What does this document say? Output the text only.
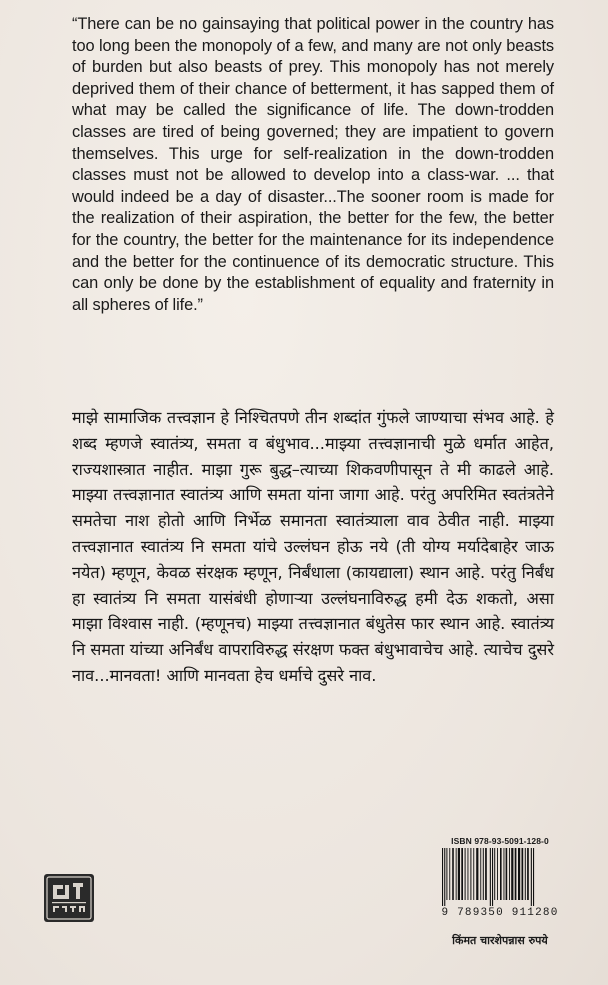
“There can be no gainsaying that political power in the country has too long been the monopoly of a few, and many are not only beasts of burden but also beasts of prey. This monopoly has not merely deprived them of their chance of betterment, it has sapped them of what may be called the significance of life. The down-trodden classes are tired of being governed; they are impatient to govern themselves. This urge for self-realization in the down-trodden classes must not be allowed to develop into a class-war. ... that would indeed be a day of disaster...The sooner room is made for the realization of their aspiration, the better for the few, the better for the country, the better for the maintenance for its independence and the better for the continuence of its democratic structure. This can only be done by the establishment of equality and fraternity in all spheres of life.”

माझे सामाजिक तत्त्वज्ञान हे निश्चितपणे तीन शब्दांत गुंफले जाण्याचा संभव आहे. हे शब्द म्हणजे स्वातंत्र्य, समता व बंधुभाव...माझ्या तत्त्वज्ञानाची मुळे धर्मात आहेत, राज्यशास्त्रात नाहीत. माझा गुरू बुद्ध–त्याच्या शिकवणीपासून ते मी काढले आहे. माझ्या तत्त्वज्ञानात स्वातंत्र्य आणि समता यांना जागा आहे. परंतु अपरिमित स्वतंत्रतेने समतेचा नाश होतो आणि निर्भेळ समानता स्वातंत्र्याला वाव ठेवीत नाही. माझ्या तत्त्वज्ञानात स्वातंत्र्य नि समता यांचे उल्लंघन होऊ नये (ती योग्य मर्यादेबाहेर जाऊ नयेत) म्हणून, केवळ संरक्षक म्हणून, निर्बंधाला (कायद्याला) स्थान आहे. परंतु निर्बंध हा स्वातंत्र्य नि समता यासंबंधी होणाऱ्या उल्लंघनाविरुद्ध हमी देऊ शकतो, असा माझा विश्वास नाही. (म्हणूनच) माझ्या तत्त्वज्ञानात बंधुतेस फार स्थान आहे. स्वातंत्र्य नि समता यांच्या अनिर्बंध वापराविरुद्ध संरक्षण फक्त बंधुभावाचेच आहे. त्याचेच दुसरे नाव...मानवता! आणि मानवता हेच धर्माचे दुसरे नाव.

ISBN 978-93-5091-128-0
9 789350 911280
किंमत चारशेपन्नास रुपये
